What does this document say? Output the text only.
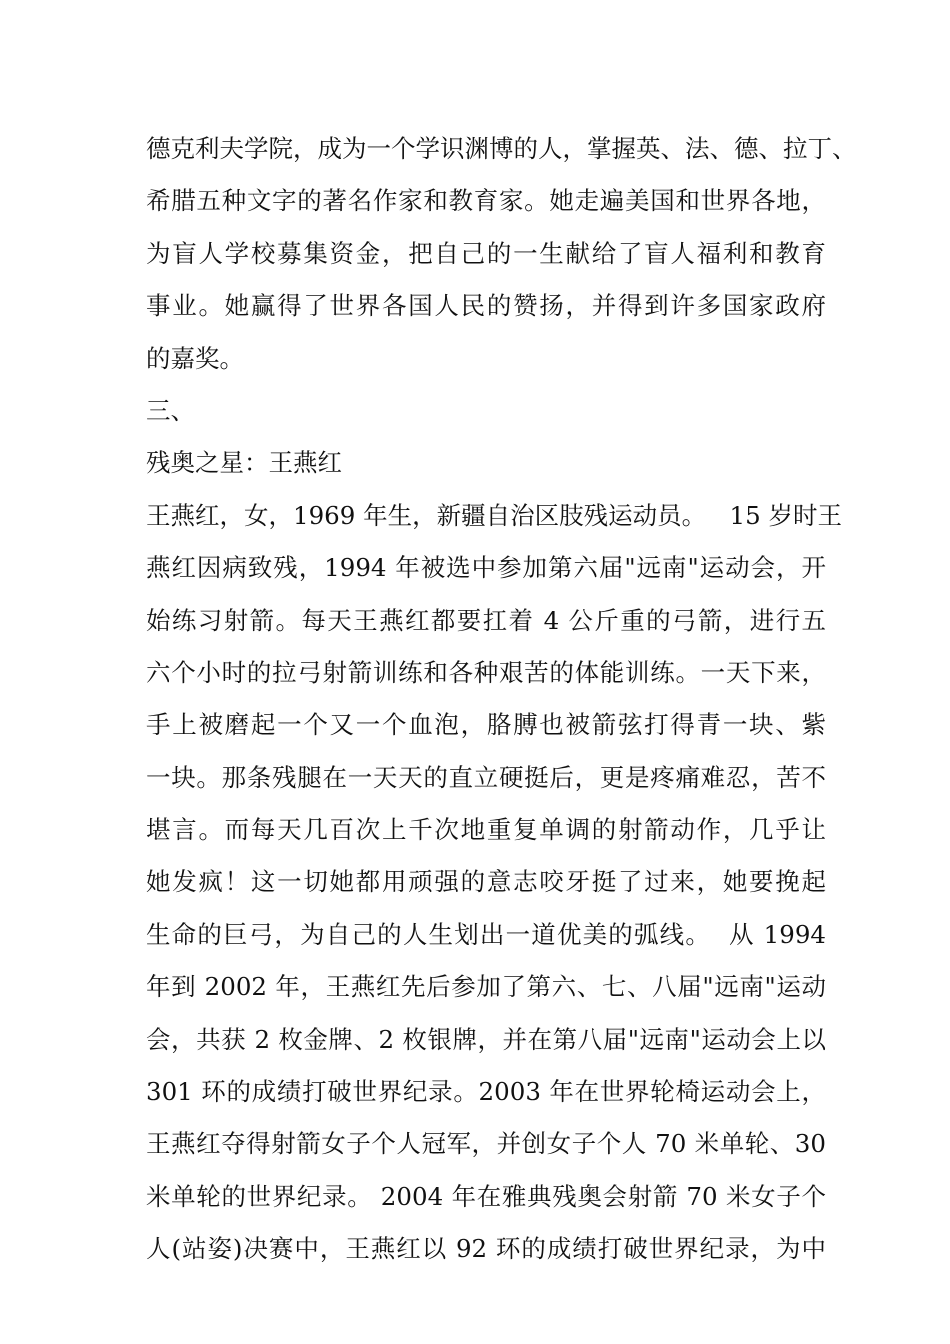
德克利夫学院，成为一个学识渊博的人，掌握英、法、德、拉丁、
希腊五种文字的著名作家和教育家。她走遍美国和世界各地，
为盲人学校募集资金，把自己的一生献给了盲人福利和教育
事业。她赢得了世界各国人民的赞扬，并得到许多国家政府
的嘉奖。
三、
残奥之星：王燕红
王燕红，女，1969 年生，新疆自治区肢残运动员。   15 岁时王
燕红因病致残，1994 年被选中参加第六届"远南"运动会，开
始练习射箭。每天王燕红都要扛着 4 公斤重的弓箭，进行五
六个小时的拉弓射箭训练和各种艰苦的体能训练。一天下来，
手上被磨起一个又一个血泡，胳膊也被箭弦打得青一块、紫
一块。那条残腿在一天天的直立硬挺后，更是疼痛难忍，苦不
堪言。而每天几百次上千次地重复单调的射箭动作，几乎让
她发疯！这一切她都用顽强的意志咬牙挺了过来，她要挽起
生命的巨弓，为自己的人生划出一道优美的弧线。  从 1994
年到 2002 年，王燕红先后参加了第六、七、八届"远南"运动
会，共获 2 枚金牌、2 枚银牌，并在第八届"远南"运动会上以
301 环的成绩打破世界纪录。2003 年在世界轮椅运动会上，
王燕红夺得射箭女子个人冠军，并创女子个人 70 米单轮、30
米单轮的世界纪录。 2004 年在雅典残奥会射箭 70 米女子个
人(站姿)决赛中，王燕红以 92 环的成绩打破世界纪录，为中
